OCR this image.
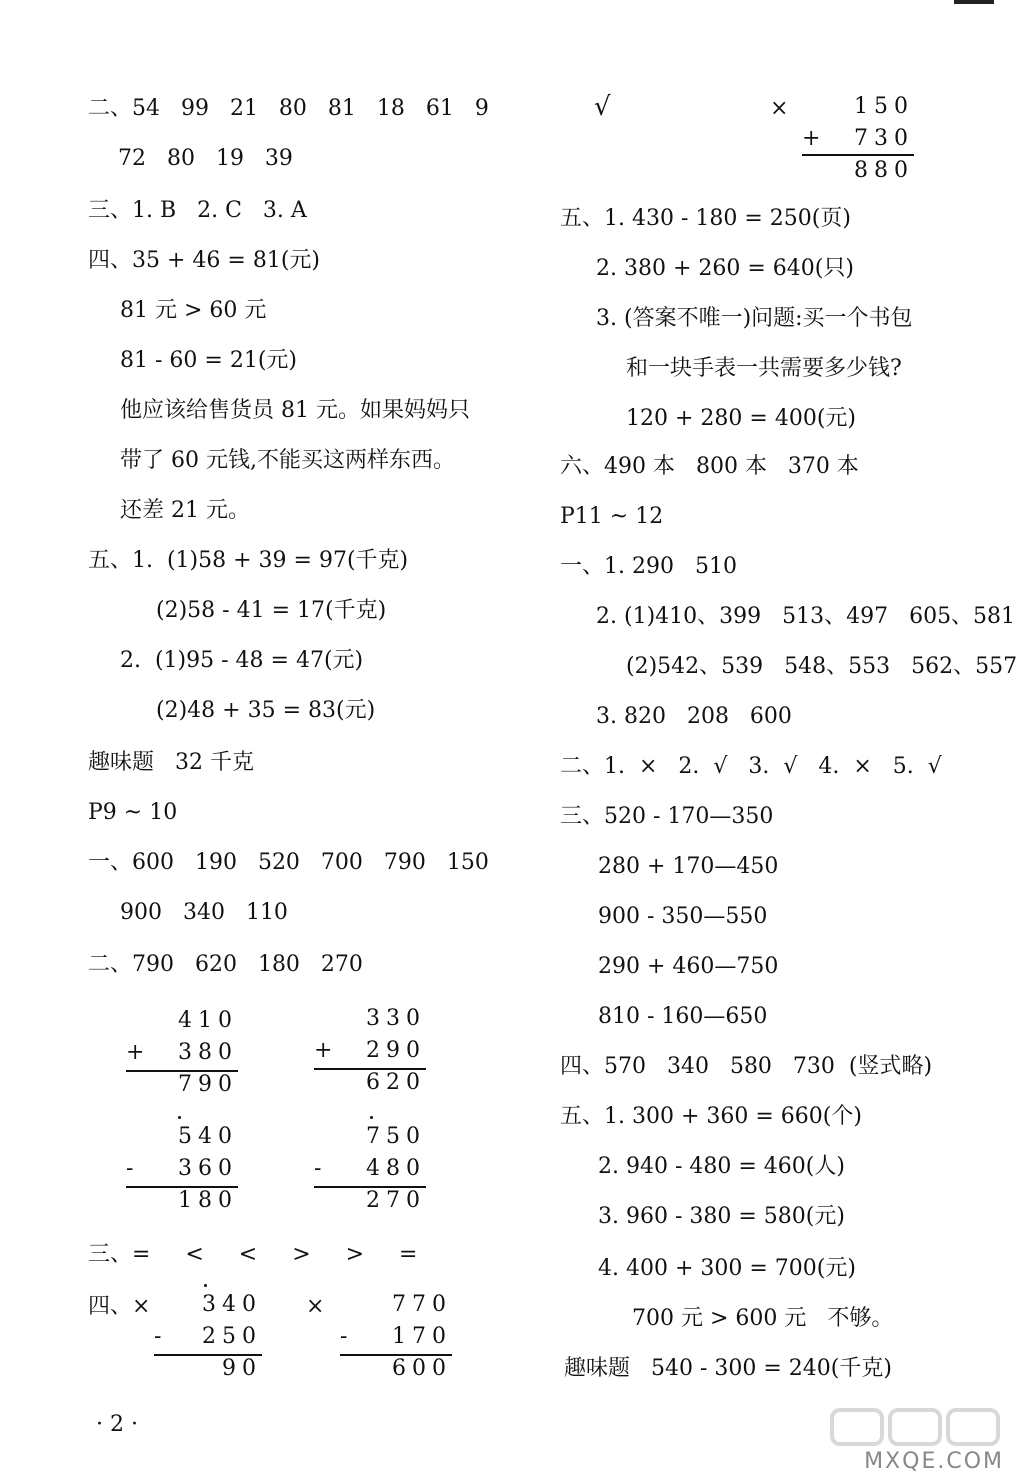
二、54   99   21   80   81   18   61   9
72   80   19   39
三、1. B   2. C   3. A
四、35 + 46 = 81(元)
81 元 > 60 元
81 - 60 = 21(元)
他应该给售货员 81 元。如果妈妈只
带了 60 元钱,不能买这两样东西。
还差 21 元。
五、1.  (1)58 + 39 = 97(千克)
(2)58 - 41 = 17(千克)
2.  (1)95 - 48 = 47(元)
(2)48 + 35 = 83(元)
趣味题   32 千克
P9 ~ 10
一、600   190   520   700   790   150
900   340   110
二、790   620   180   270
410
+ 380
790
330
+ 290
620
540
- 360
180
750
- 480
270
三、=     <     <     >     >     =
四、× 340
- 250
90
×	770
- 170
600
√	×	150
+ 730
880
五、1. 430 - 180 = 250(页)
2. 380 + 260 = 640(只)
3. (答案不唯一)问题:买一个书包
和一块手表一共需要多少钱?
120 + 280 = 400(元)
六、490 本   800 本   370 本
P11 ~ 12
一、1. 290   510
2. (1)410、399   513、497   605、581
(2)542、539   548、553   562、557
3. 820   208   600
二、1.  ×   2.  √   3.  √   4.  ×   5.  √
三、520 - 170—350
280 + 170—450
900 - 350—550
290 + 460—750
810 - 160—650
四、570   340   580   730  (竖式略)
五、1. 300 + 360 = 660(个)
2. 940 - 480 = 460(人)
3. 960 - 380 = 580(元)
4. 400 + 300 = 700(元)
700 元 > 600 元   不够。
趣味题   540 - 300 = 240(千克)
· 2 ·
MXQE.COM
